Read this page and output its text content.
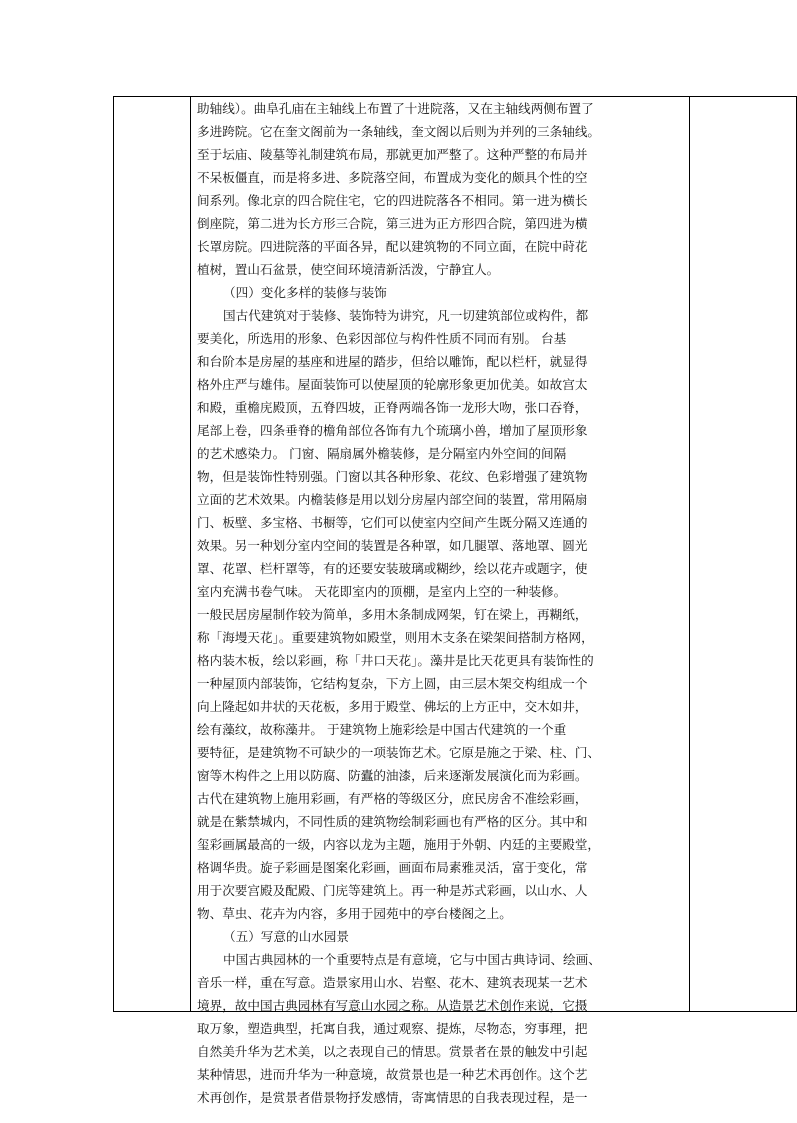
助轴线）。曲阜孔庙在主轴线上布置了十进院落，又在主轴线两侧布置了
多进跨院。它在奎文阁前为一条轴线，奎文阁以后则为并列的三条轴线。
至于坛庙、陵墓等礼制建筑布局，那就更加严整了。这种严整的布局并
不呆板僵直，而是将多进、多院落空间，布置成为变化的颇具个性的空
间系列。像北京的四合院住宅，它的四进院落各不相同。第一进为横长
倒座院，第二进为长方形三合院，第三进为正方形四合院，第四进为横
长罩房院。四进院落的平面各异，配以建筑物的不同立面，在院中莳花
植树，置山石盆景，使空间环境清新活泼，宁静宜人。
（四）变化多样的装修与装饰
国古代建筑对于装修、装饰特为讲究，凡一切建筑部位或构件，都
要美化，所选用的形象、色彩因部位与构件性质不同而有别。 台基
和台阶本是房屋的基座和进屋的踏步，但给以雕饰，配以栏杆，就显得
格外庄严与雄伟。屋面装饰可以使屋顶的轮廓形象更加优美。如故宫太
和殿，重檐庑殿顶，五脊四坡，正脊两端各饰一龙形大吻，张口吞脊，
尾部上卷，四条垂脊的檐角部位各饰有九个琉璃小兽，增加了屋顶形象
的艺术感染力。 门窗、隔扇属外檐装修，是分隔室内外空间的间隔
物，但是装饰性特别强。门窗以其各种形象、花纹、色彩增强了建筑物
立面的艺术效果。内檐装修是用以划分房屋内部空间的装置，常用隔扇
门、板壁、多宝格、书橱等，它们可以使室内空间产生既分隔又连通的
效果。另一种划分室内空间的装置是各种罩，如几腿罩、落地罩、圆光
罩、花罩、栏杆罩等，有的还要安装玻璃或糊纱，绘以花卉或题字，使
室内充满书卷气味。 天花即室内的顶棚，是室内上空的一种装修。
一般民居房屋制作较为简单，多用木条制成网架，钉在梁上，再糊纸，
称「海墁天花」。重要建筑物如殿堂，则用木支条在梁架间搭制方格网，
格内装木板，绘以彩画，称「井口天花」。藻井是比天花更具有装饰性的
一种屋顶内部装饰，它结构复杂，下方上圆，由三层木架交构组成一个
向上隆起如井状的天花板，多用于殿堂、佛坛的上方正中，交木如井，
绘有藻纹，故称藻井。 于建筑物上施彩绘是中国古代建筑的一个重
要特征，是建筑物不可缺少的一项装饰艺术。它原是施之于梁、柱、门、
窗等木构件之上用以防腐、防蠹的油漆，后来逐渐发展演化而为彩画。
古代在建筑物上施用彩画，有严格的等级区分，庶民房舍不准绘彩画，
就是在紫禁城内，不同性质的建筑物绘制彩画也有严格的区分。其中和
玺彩画属最高的一级，内容以龙为主题，施用于外朝、内廷的主要殿堂，
格调华贵。旋子彩画是图案化彩画，画面布局素雅灵活，富于变化，常
用于次要宫殿及配殿、门庑等建筑上。再一种是苏式彩画，以山水、人
物、草虫、花卉为内容，多用于园苑中的亭台楼阁之上。
（五）写意的山水园景
中国古典园林的一个重要特点是有意境，它与中国古典诗词、绘画、
音乐一样，重在写意。造景家用山水、岩壑、花木、建筑表现某一艺术
境界，故中国古典园林有写意山水园之称。从造景艺术创作来说，它摄
取万象，塑造典型，托寓自我，通过观察、提炼，尽物态，穷事理，把
自然美升华为艺术美，以之表现自己的情思。赏景者在景的触发中引起
某种情思，进而升华为一种意境，故赏景也是一种艺术再创作。这个艺
术再创作，是赏景者借景物抒发感情，寄寓情思的自我表现过程，是一
